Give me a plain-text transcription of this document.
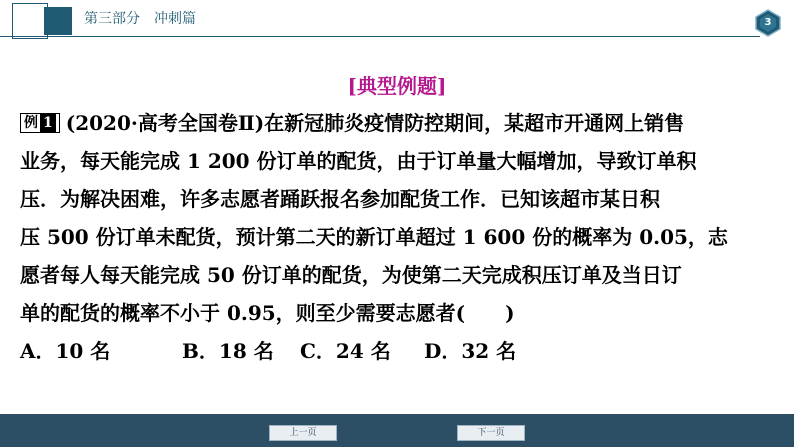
第三部分　冲刺篇	3
[典型例题]
例 1 (2020·高考全国卷Ⅱ)在新冠肺炎疫情防控期间，某超市开通网上销售
业务，每天能完成 1 200 份订单的配货，由于订单量大幅增加，导致订单积
压．为解决困难，许多志愿者踊跃报名参加配货工作．已知该超市某日积
压 500 份订单未配货，预计第二天的新订单超过 1 600 份的概率为 0.05，志
愿者每人每天能完成 50 份订单的配货，为使第二天完成积压订单及当日订
单的配货的概率不小于 0.95，则至少需要志愿者(　　)
A．10 名	B．18 名 C．24 名 D．32 名
上一页	下一页
